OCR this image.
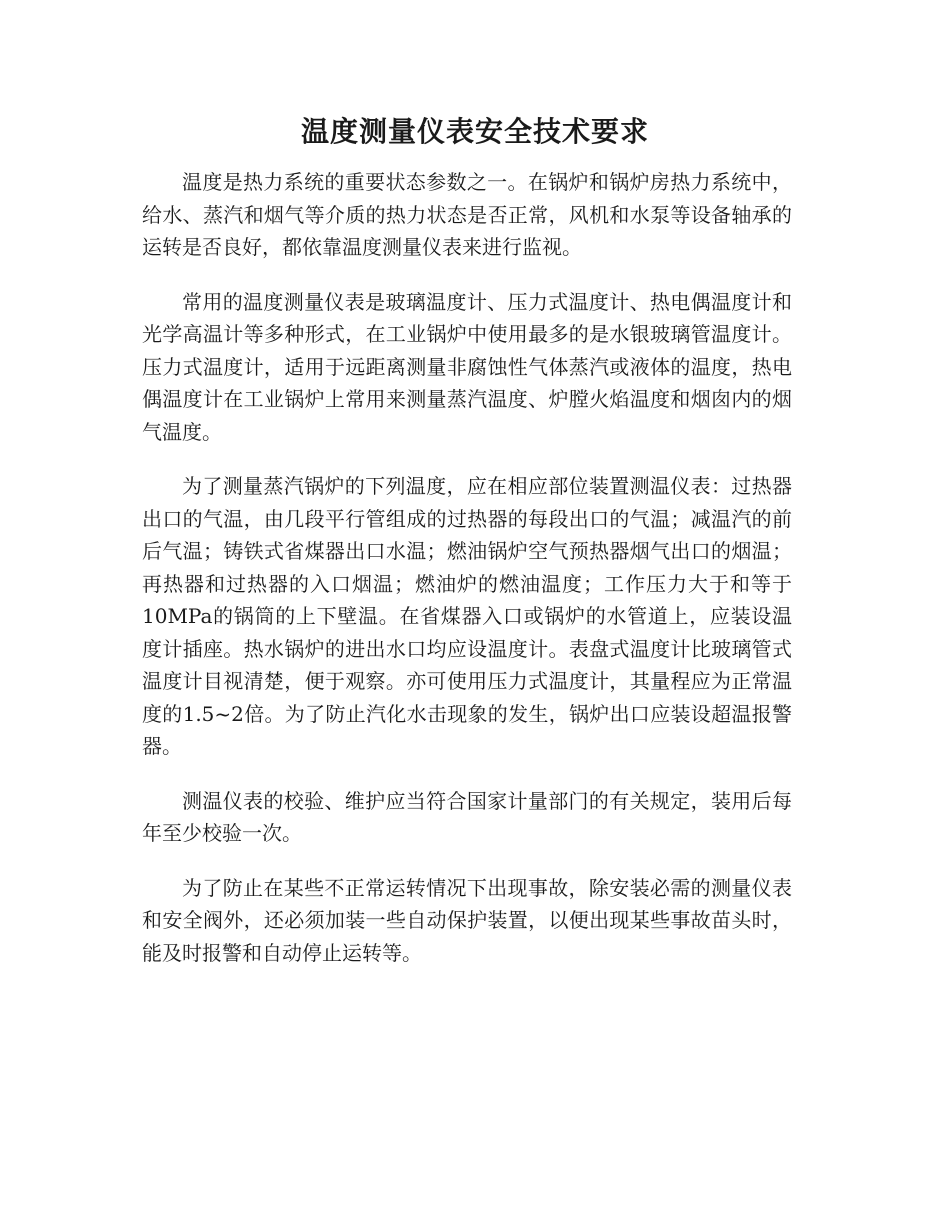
温度测量仪表安全技术要求

温度是热力系统的重要状态参数之一。在锅炉和锅炉房热力系统中，给水、蒸汽和烟气等介质的热力状态是否正常，风机和水泵等设备轴承的运转是否良好，都依靠温度测量仪表来进行监视。

常用的温度测量仪表是玻璃温度计、压力式温度计、热电偶温度计和光学高温计等多种形式，在工业锅炉中使用最多的是水银玻璃管温度计。压力式温度计，适用于远距离测量非腐蚀性气体蒸汽或液体的温度，热电偶温度计在工业锅炉上常用来测量蒸汽温度、炉膛火焰温度和烟囱内的烟气温度。

为了测量蒸汽锅炉的下列温度，应在相应部位装置测温仪表：过热器出口的气温，由几段平行管组成的过热器的每段出口的气温；减温汽的前后气温；铸铁式省煤器出口水温；燃油锅炉空气预热器烟气出口的烟温；再热器和过热器的入口烟温；燃油炉的燃油温度；工作压力大于和等于10MPa的锅筒的上下壁温。在省煤器入口或锅炉的水管道上，应装设温度计插座。热水锅炉的进出水口均应设温度计。表盘式温度计比玻璃管式温度计目视清楚，便于观察。亦可使用压力式温度计，其量程应为正常温度的1.5~2倍。为了防止汽化水击现象的发生，锅炉出口应装设超温报警器。

测温仪表的校验、维护应当符合国家计量部门的有关规定，装用后每年至少校验一次。

为了防止在某些不正常运转情况下出现事故，除安装必需的测量仪表和安全阀外，还必须加装一些自动保护装置，以便出现某些事故苗头时，能及时报警和自动停止运转等。
